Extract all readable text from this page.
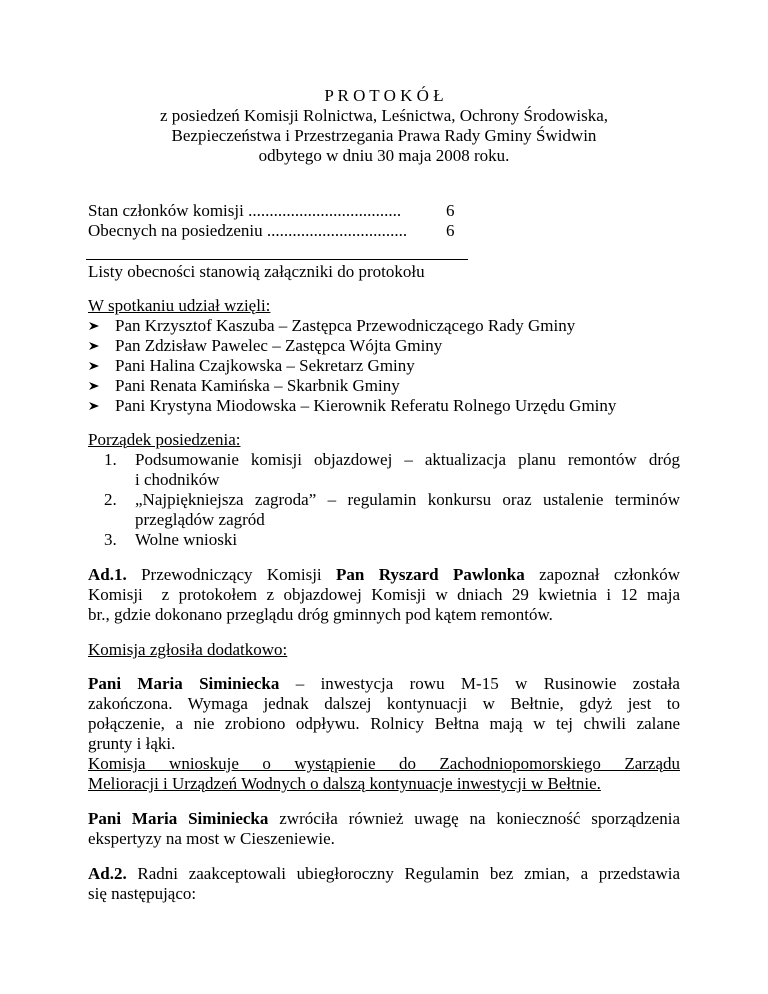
P R O T O K Ó Ł
z posiedzeń Komisji Rolnictwa, Leśnictwa, Ochrony Środowiska,
Bezpieczeństwa i Przestrzegania Prawa Rady Gminy Świdwin
odbytego w dniu 30 maja 2008 roku.

Stan członków komisji ....................................

	6

Obecnych na posiedzeniu .................................

6

Listy obecności stanowią załączniki do protokołu
W spotkaniu udział wzięli:

Pan Krzysztof Kaszuba – Zastępca Przewodniczącego Rady Gminy

Pan Zdzisław Pawelec – Zastępca Wójta Gminy

Pani Halina Czajkowska – Sekretarz Gminy

Pani Renata Kamińska – Skarbnik Gminy

Pani Krystyna Miodowska – Kierownik Referatu Rolnego Urzędu Gminy

Porządek posiedzenia:

1.

Podsumowanie komisji objazdowej – aktualizacja planu remontów dróg

i chodników

2.

„Najpiękniejsza zagroda” – regulamin konkursu oraz ustalenie terminów

przeglądów zagród

3.

Wolne wnioski

Ad.1. Przewodniczący Komisji Pan Ryszard Pawlonka zapoznał członków
Komisji  z protokołem z objazdowej Komisji w dniach 29 kwietnia i 12 maja
br., gdzie dokonano przeglądu dróg gminnych pod kątem remontów.
Komisja zgłosiła dodatkowo:
Pani Maria Siminiecka – inwestycja rowu M-15 w Rusinowie została
zakończona. Wymaga jednak dalszej kontynuacji w Bełtnie, gdyż jest to
połączenie, a nie zrobiono odpływu. Rolnicy Bełtna mają w tej chwili zalane
grunty i łąki.
Komisja wnioskuje o wystąpienie do Zachodniopomorskiego Zarządu
Melioracji i Urządzeń Wodnych o dalszą kontynuacje inwestycji w Bełtnie.
Pani Maria Siminiecka zwróciła również uwagę na konieczność sporządzenia
ekspertyzy na most w Cieszeniewie.
Ad.2. Radni zaakceptowali ubiegłoroczny Regulamin bez zmian, a przedstawia
się następująco:
